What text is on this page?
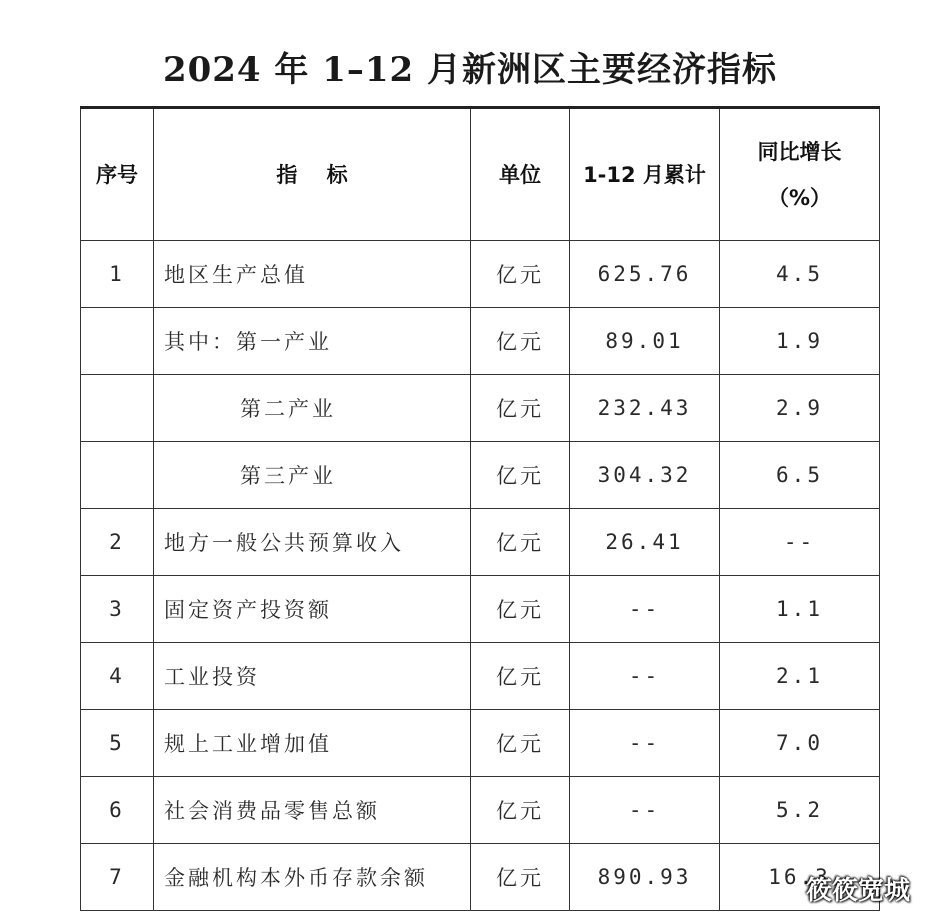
2024 年 1–12 月新洲区主要经济指标
序号	指    标	单位	1-12 月累计	同比增长
（%）

1	地区生产总值	亿元	625.76	4.5
	其中：第一产业	亿元	89.01	1.9
	第二产业	亿元	232.43	2.9
	第三产业	亿元	304.32	6.5
2	地方一般公共预算收入	亿元	26.41	--
3	固定资产投资额	亿元	--	1.1
4	工业投资	亿元	--	2.1
5	规上工业增加值	亿元	--	7.0
6	社会消费品零售总额	亿元	--	5.2
7	金融机构本外币存款余额	亿元	890.93	16.3
筱筱宽城
